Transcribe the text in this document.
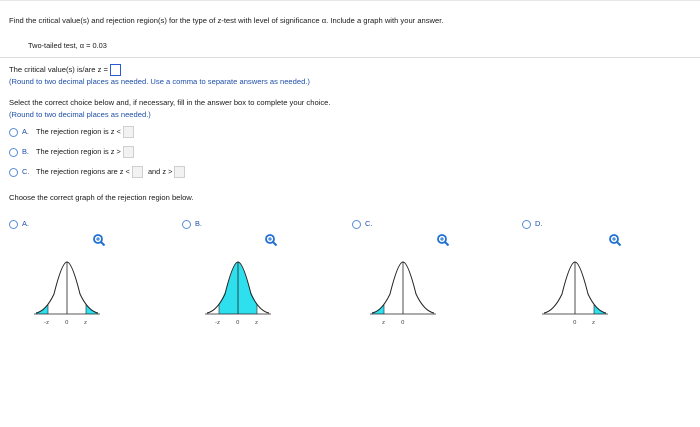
Find the critical value(s) and rejection region(s) for the type of z-test with level of significance α. Include a graph with your answer.
Two-tailed test, α = 0.03
The critical value(s) is/are z =
(Round to two decimal places as needed. Use a comma to separate answers as needed.)
Select the correct choice below and, if necessary, fill in the answer box to complete your choice.
(Round to two decimal places as needed.)
A. The rejection region is z <
B. The rejection region is z >
C. The rejection regions are z < and z >
Choose the correct graph of the rejection region below.
A.	B.	C.	D.
-z	0	z	-z	0	z	z	0	0	z
